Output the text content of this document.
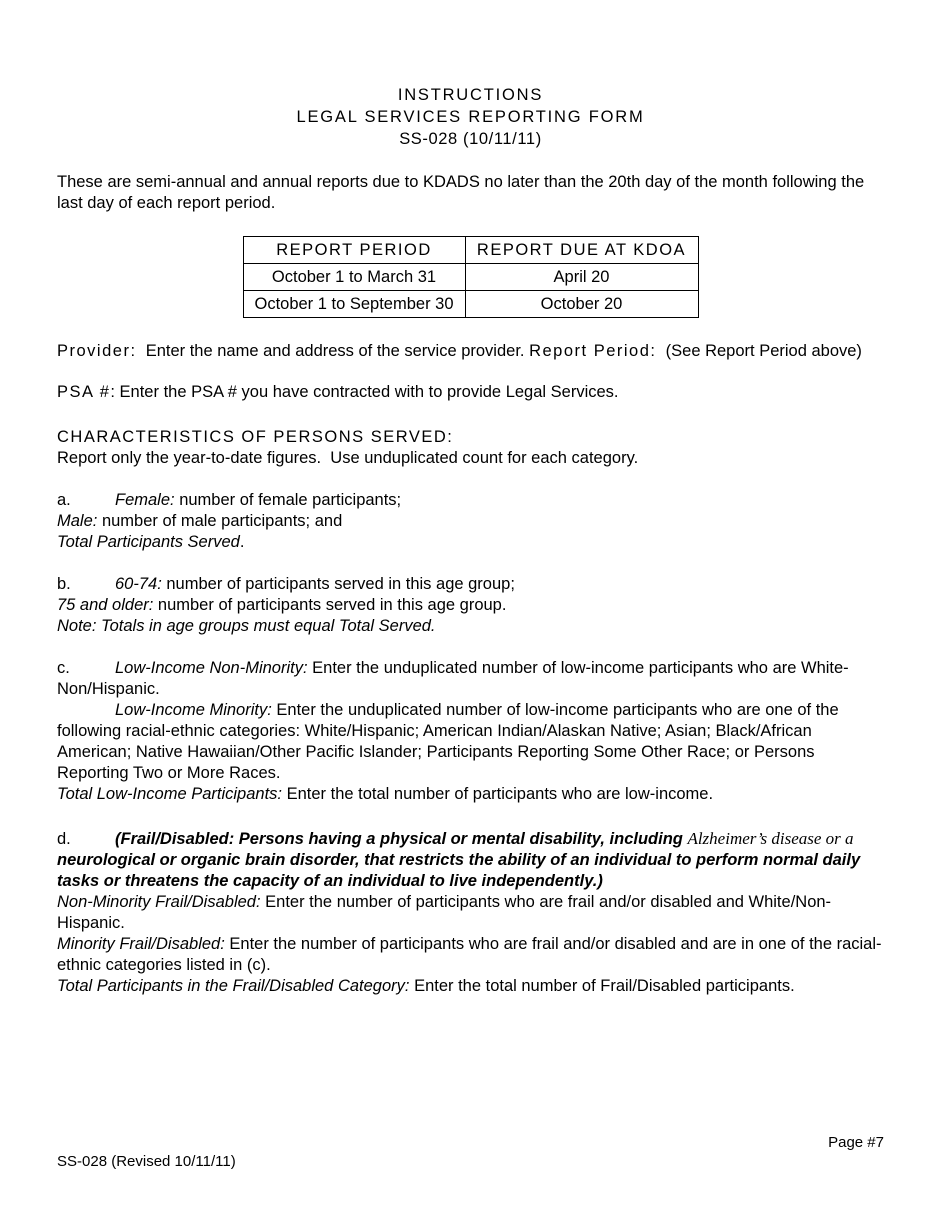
INSTRUCTIONS
LEGAL SERVICES REPORTING FORM
SS-028 (10/11/11)

These are semi-annual and annual reports due to KDADS no later than the 20th day of the month following the last day of each report period.

REPORT PERIOD	REPORT DUE AT KDOA
October 1 to March 31	April 20
October 1 to September 30	October 20

Provider:  Enter the name and address of the service provider. Report Period:  (See Report Period above)

PSA #: Enter the PSA # you have contracted with to provide Legal Services.

CHARACTERISTICS OF PERSONS SERVED:

Report only the year-to-date figures.  Use unduplicated count for each category.

a.	Female: number of female participants;

Male: number of male participants; and

Total Participants Served.

b.	60-74: number of participants served in this age group;

75 and older: number of participants served in this age group.

Note: Totals in age groups must equal Total Served.

c.	Low-Income Non-Minority: Enter the unduplicated number of low-income participants who are White-Non/Hispanic.

Low-Income Minority: Enter the unduplicated number of low-income participants who are one of the following racial-ethnic categories: White/Hispanic; American Indian/Alaskan Native; Asian; Black/African American; Native Hawaiian/Other Pacific Islander; Participants Reporting Some Other Race; or Persons Reporting Two or More Races.

Total Low-Income Participants: Enter the total number of participants who are low-income.

d.	(Frail/Disabled: Persons having a physical or mental disability, including Alzheimer’s disease or a neurological or organic brain disorder, that restricts the ability of an individual to perform normal daily tasks or threatens the capacity of an individual to live independently.)

Non-Minority Frail/Disabled: Enter the number of participants who are frail and/or disabled and White/Non-Hispanic.

Minority Frail/Disabled: Enter the number of participants who are frail and/or disabled and are in one of the racial-ethnic categories listed in (c).

Total Participants in the Frail/Disabled Category: Enter the total number of Frail/Disabled participants.

Page #7
SS-028 (Revised 10/11/11)
